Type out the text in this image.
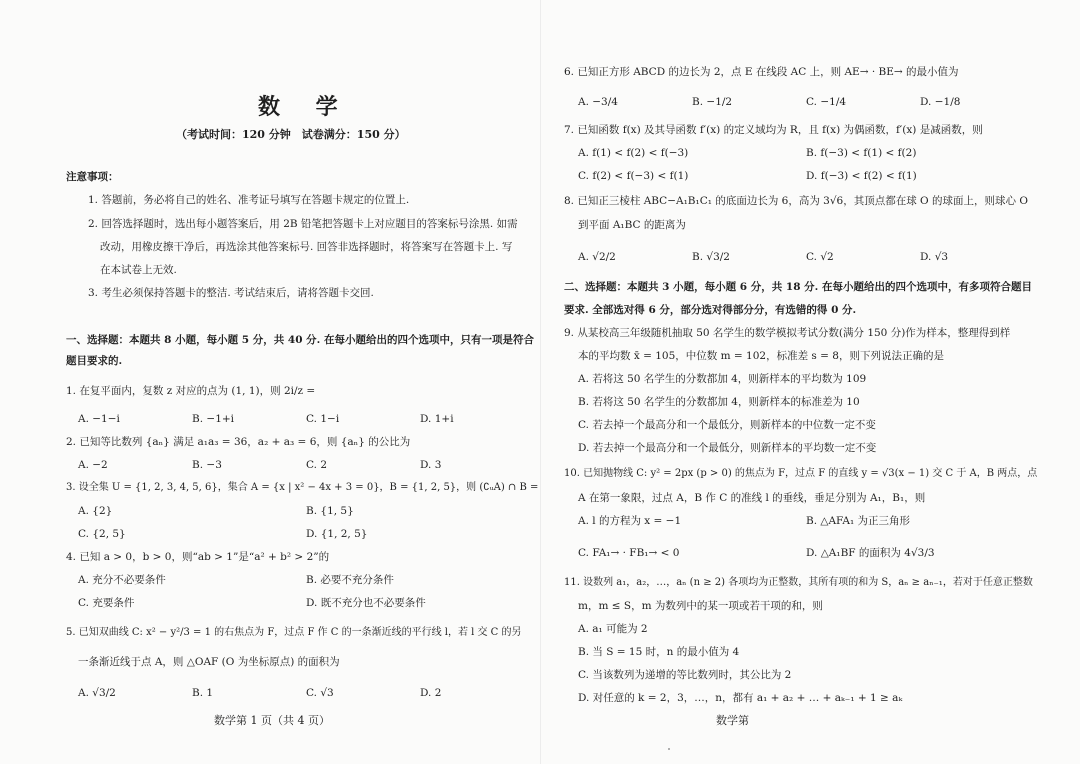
数 学
（考试时间：120 分钟　试卷满分：150 分）
注意事项：
1. 答题前，务必将自己的姓名、准考证号填写在答题卡规定的位置上.
2. 回答选择题时，选出每小题答案后，用 2B 铅笔把答题卡上对应题目的答案标号涂黑. 如需
改动，用橡皮擦干净后，再选涂其他答案标号. 回答非选择题时，将答案写在答题卡上. 写
在本试卷上无效.
3. 考生必须保持答题卡的整洁. 考试结束后，请将答题卡交回.
一、选择题：本题共 8 小题，每小题 5 分，共 40 分. 在每小题给出的四个选项中，只有一项是符合
题目要求的.
1. 在复平面内，复数 z 对应的点为 (1, 1)，则 2i/z =
A. −1−i	B. −1+i	C. 1−i	D. 1+i
2. 已知等比数列 {aₙ} 满足 a₁a₃ = 36，a₂ + a₃ = 6，则 {aₙ} 的公比为
A. −2	B. −3	C. 2	D. 3
3. 设全集 U = {1, 2, 3, 4, 5, 6}，集合 A = {x | x² − 4x + 3 = 0}，B = {1, 2, 5}，则 (∁ᵤA) ∩ B =
A. {2}	B. {1, 5}
C. {2, 5}	D. {1, 2, 5}
4. 已知 a > 0，b > 0，则“ab > 1”是“a² + b² > 2”的
A. 充分不必要条件	B. 必要不充分条件
C. 充要条件	D. 既不充分也不必要条件
5. 已知双曲线 C: x² − y²/3 = 1 的右焦点为 F，过点 F 作 C 的一条渐近线的平行线 l，若 l 交 C 的另
一条渐近线于点 A，则 △OAF (O 为坐标原点) 的面积为
A. √3/2	B. 1	C. √3	D. 2
数学第 1 页（共 4 页）
6. 已知正方形 ABCD 的边长为 2，点 E 在线段 AC 上，则 AE→ · BE→ 的最小值为
A. −3/4	B. −1/2	C. −1/4	D. −1/8
7. 已知函数 f(x) 及其导函数 f′(x) 的定义域均为 R，且 f(x) 为偶函数，f′(x) 是减函数，则
A. f(1) < f(2) < f(−3)	B. f(−3) < f(1) < f(2)
C. f(2) < f(−3) < f(1)	D. f(−3) < f(2) < f(1)
8. 已知正三棱柱 ABC−A₁B₁C₁ 的底面边长为 6，高为 3√6，其顶点都在球 O 的球面上，则球心 O
到平面 A₁BC 的距离为
A. √2/2	B. √3/2	C. √2	D. √3
二、选择题：本题共 3 小题，每小题 6 分，共 18 分. 在每小题给出的四个选项中，有多项符合题目
要求. 全部选对得 6 分，部分选对得部分分，有选错的得 0 分.
9. 从某校高三年级随机抽取 50 名学生的数学模拟考试分数(满分 150 分)作为样本，整理得到样
本的平均数 x̄ = 105，中位数 m = 102，标准差 s = 8，则下列说法正确的是
A. 若将这 50 名学生的分数都加 4，则新样本的平均数为 109
B. 若将这 50 名学生的分数都加 4，则新样本的标准差为 10
C. 若去掉一个最高分和一个最低分，则新样本的中位数一定不变
D. 若去掉一个最高分和一个最低分，则新样本的平均数一定不变
10. 已知抛物线 C: y² = 2px (p > 0) 的焦点为 F，过点 F 的直线 y = √3(x − 1) 交 C 于 A，B 两点，点
A 在第一象限，过点 A，B 作 C 的准线 l 的垂线，垂足分别为 A₁，B₁，则
A. l 的方程为 x = −1	B. △AFA₁ 为正三角形
C. FA₁→ · FB₁→ < 0	D. △A₁BF 的面积为 4√3/3
11. 设数列 a₁，a₂，…，aₙ (n ≥ 2) 各项均为正整数，其所有项的和为 S，aₙ ≥ aₙ₋₁，若对于任意正整数
m，m ≤ S，m 为数列中的某一项或若干项的和，则
A. a₁ 可能为 2
B. 当 S = 15 时，n 的最小值为 4
C. 当该数列为递增的等比数列时，其公比为 2
D. 对任意的 k = 2，3，…，n，都有 a₁ + a₂ + … + aₖ₋₁ + 1 ≥ aₖ
数学第
